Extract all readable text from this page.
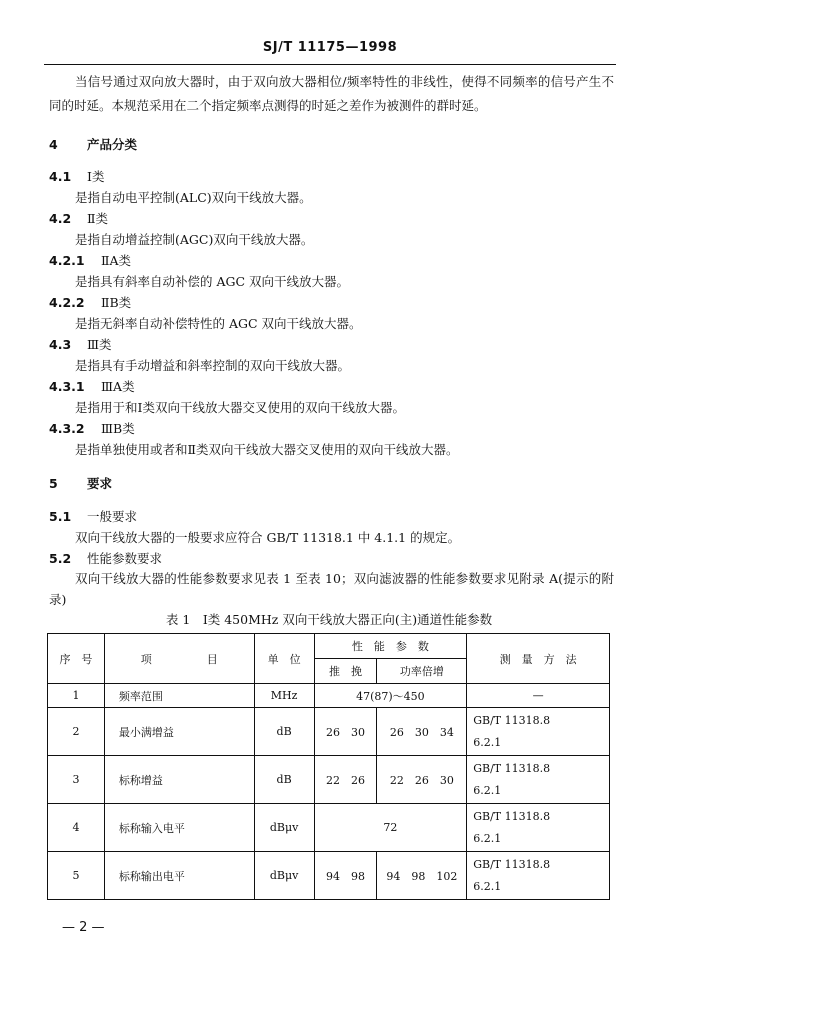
SJ/T 11175—1998
当信号通过双向放大器时，由于双向放大器相位/频率特性的非线性，使得不同频率的信号产生不同的时延。本规范采用在二个指定频率点测得的时延之差作为被测件的群时延。
4 产品分类
4.1 Ⅰ类
是指自动电平控制(ALC)双向干线放大器。
4.2 Ⅱ类
是指自动增益控制(AGC)双向干线放大器。
4.2.1 ⅡA类
是指具有斜率自动补偿的 AGC 双向干线放大器。
4.2.2 ⅡB类
是指无斜率自动补偿特性的 AGC 双向干线放大器。
4.3 Ⅲ类
是指具有手动增益和斜率控制的双向干线放大器。
4.3.1 ⅢA类
是指用于和Ⅰ类双向干线放大器交叉使用的双向干线放大器。
4.3.2 ⅢB类
是指单独使用或者和Ⅱ类双向干线放大器交叉使用的双向干线放大器。
5 要求
5.1 一般要求
双向干线放大器的一般要求应符合 GB/T 11318.1 中 4.1.1 的规定。
5.2 性能参数要求
双向干线放大器的性能参数要求见表 1 至表 10；双向滤波器的性能参数要求见附录 A(提示的附录)
表 1　Ⅰ类 450MHz 双向干线放大器正向(主)通道性能参数
序　号	项　　　　　目	单　位	性　能　参　数		测　量　方　法
			推　挽	功率倍增	
1	频率范围	MHz	47(87)～450		—
2	最小满增益	dB	26　30	26　30　34	GB/T 11318.8
6.2.1

3	标称增益	dB	22　26	22　26　30	GB/T 11318.8
6.2.1

4	标称输入电平	dBμv	72		GB/T 11318.8
6.2.1

5	标称输出电平	dBμv	94　98	94　98　102	GB/T 11318.8
6.2.1
— 2 —
